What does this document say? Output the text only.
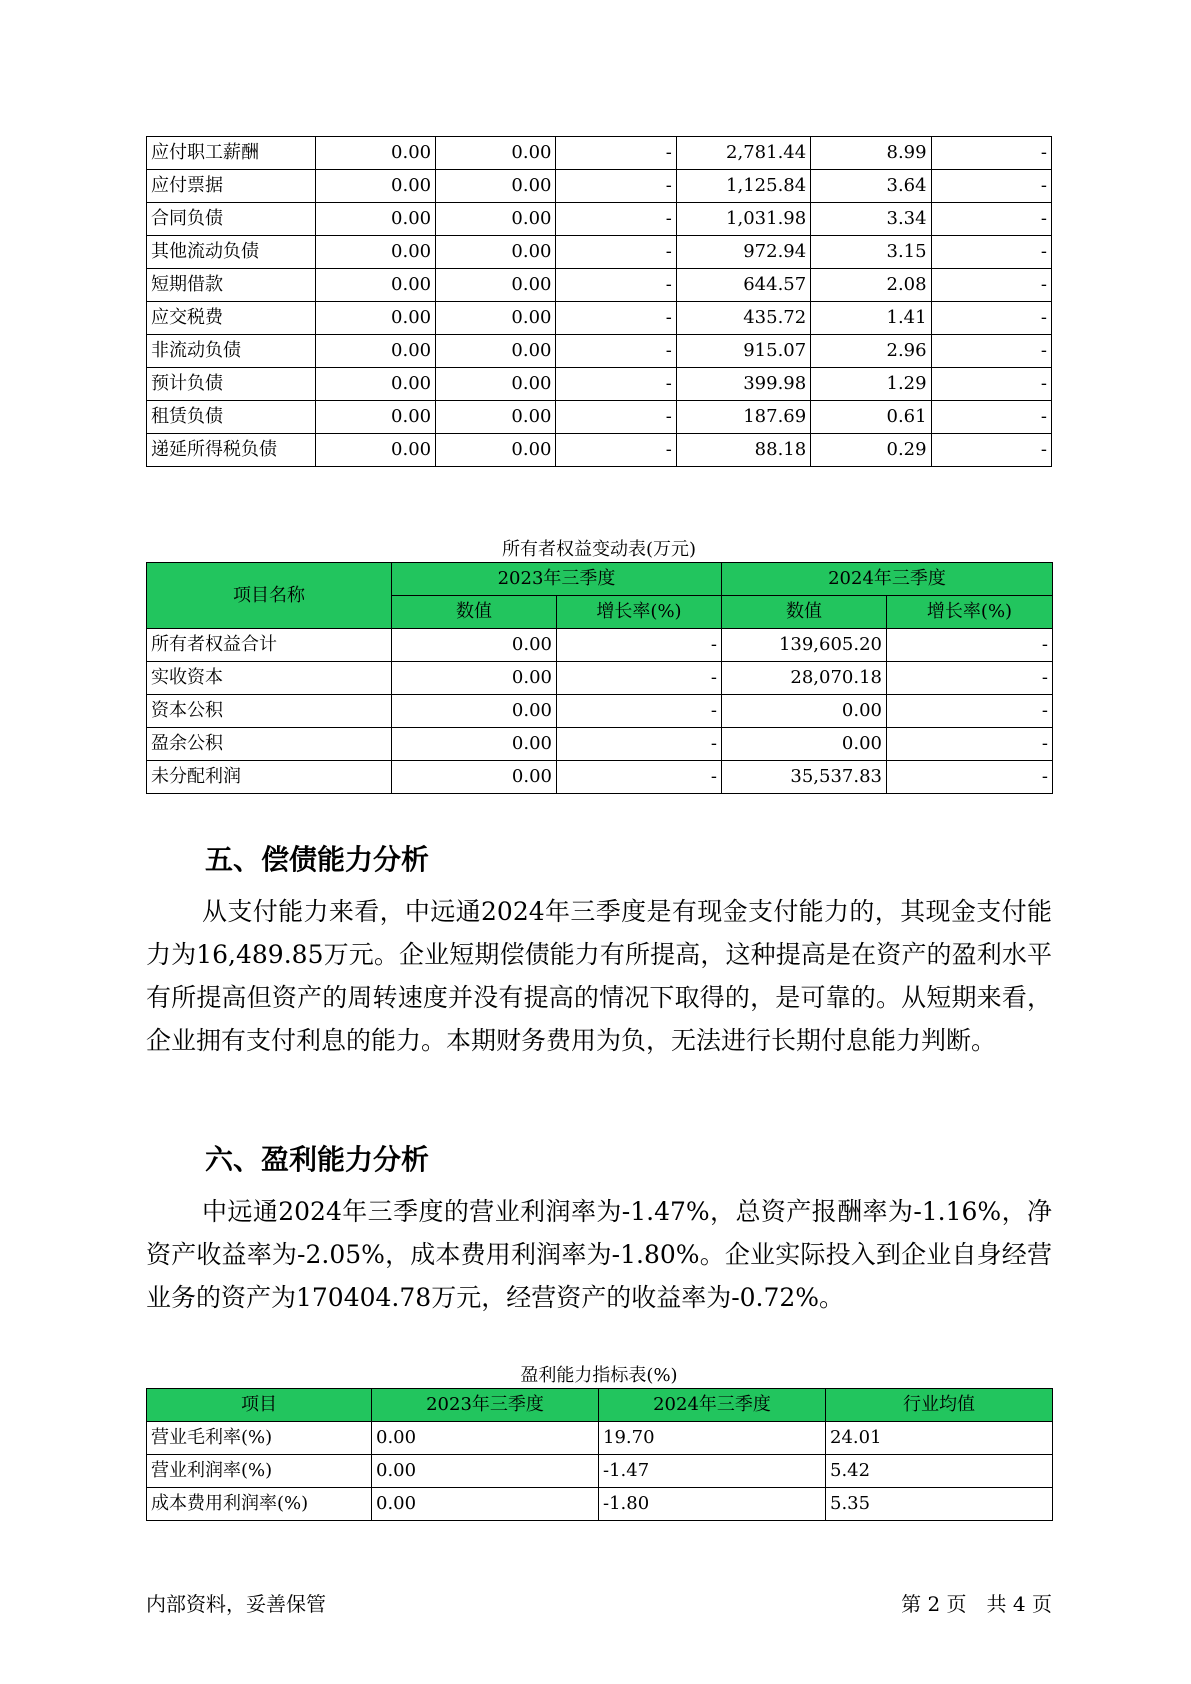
应付职工薪酬	0.00	0.00	-	2,781.44	8.99	-
应付票据	0.00	0.00	-	1,125.84	3.64	-
合同负债	0.00	0.00	-	1,031.98	3.34	-
其他流动负债	0.00	0.00	-	972.94	3.15	-
短期借款	0.00	0.00	-	644.57	2.08	-
应交税费	0.00	0.00	-	435.72	1.41	-
非流动负债	0.00	0.00	-	915.07	2.96	-
预计负债	0.00	0.00	-	399.98	1.29	-
租赁负债	0.00	0.00	-	187.69	0.61	-
递延所得税负债	0.00	0.00	-	88.18	0.29	-
所有者权益变动表(万元)
项目名称	2023年三季度		2024年三季度	
	数值	增长率(%)	数值	增长率(%)
所有者权益合计	0.00	-	139,605.20	-
实收资本	0.00	-	28,070.18	-
资本公积	0.00	-	0.00	-
盈余公积	0.00	-	0.00	-
未分配利润	0.00	-	35,537.83	-
五、偿债能力分析

从支付能力来看，中远通2024年三季度是有现金支付能力的，其现金支付能力为16,489.85万元。企业短期偿债能力有所提高，这种提高是在资产的盈利水平有所提高但资产的周转速度并没有提高的情况下取得的，是可靠的。从短期来看，企业拥有支付利息的能力。本期财务费用为负，无法进行长期付息能力判断。

六、盈利能力分析

中远通2024年三季度的营业利润率为-1.47%，总资产报酬率为-1.16%，净资产收益率为-2.05%，成本费用利润率为-1.80%。企业实际投入到企业自身经营业务的资产为170404.78万元，经营资产的收益率为-0.72%。

盈利能力指标表(%)
项目	2023年三季度	2024年三季度	行业均值
营业毛利率(%)	0.00	19.70	24.01
营业利润率(%)	0.00	-1.47	5.42
成本费用利润率(%)	0.00	-1.80	5.35
内部资料，妥善保管	第 2 页　共 4 页
